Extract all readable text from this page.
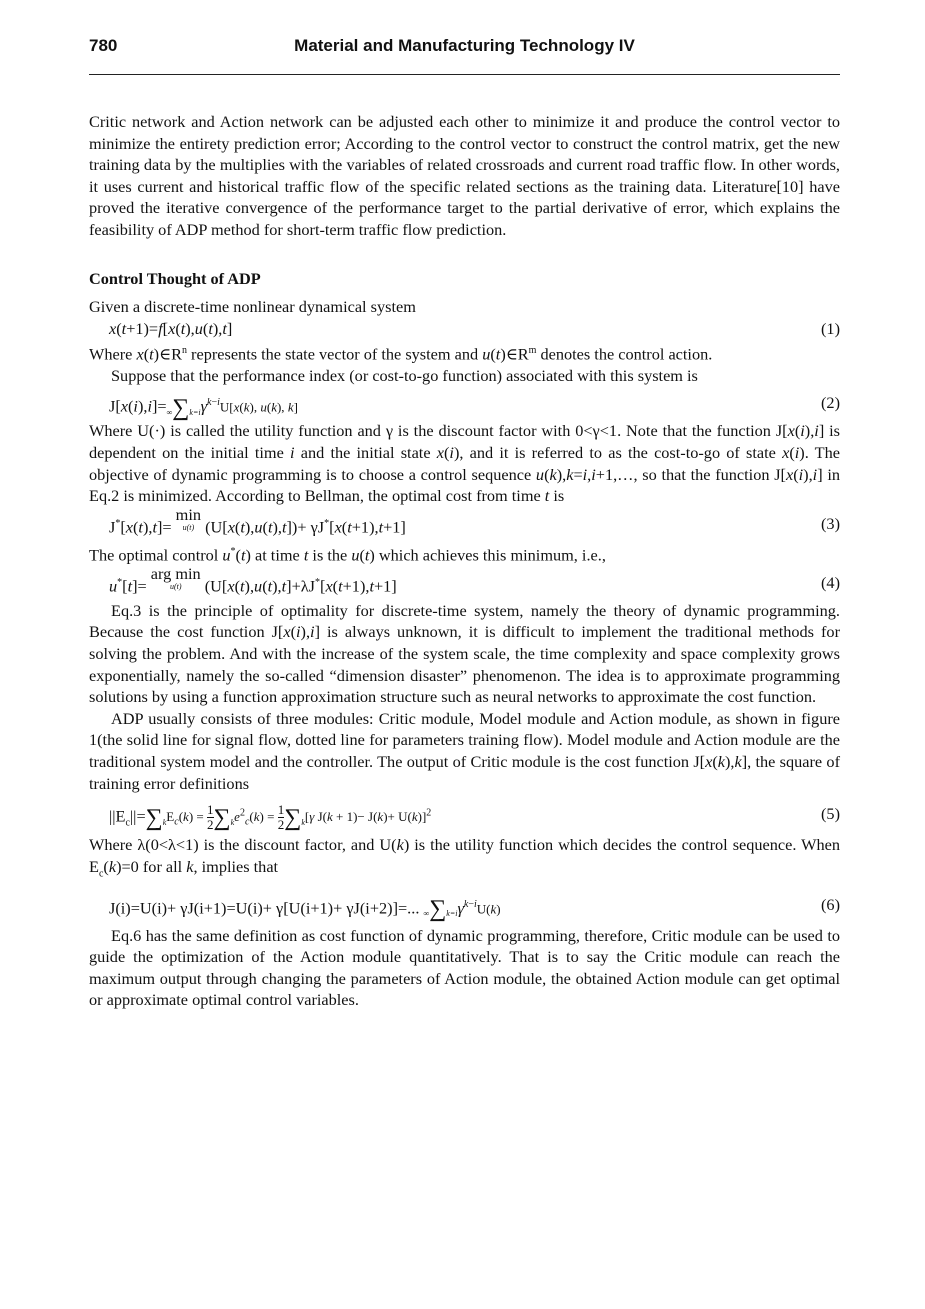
780	Material and Manufacturing Technology IV

Critic network and Action network can be adjusted each other to minimize it and produce the control vector to minimize the entirety prediction error; According to the control vector to construct the control matrix, get the new training data by the multiplies with the variables of related crossroads and current road traffic flow. In other words, it uses current and historical traffic flow of the specific related sections as the training data. Literature[10] have proved the iterative convergence of the performance target to the partial derivative of error, which explains the feasibility of ADP method for short-term traffic flow prediction.

Control Thought of ADP

Given a discrete-time nonlinear dynamical system

x(t+1)=f[x(t),u(t),t]	(1)

Where $x(t)\in R^n$ represents the state vector of the system and $u(t)\in R^m$ denotes the control action.

Suppose that the performance index (or cost-to-go function) associated with this system is

$J[x(i),i]=\infty\sum k=i\gamma^{k-i}U[x(k)$, u(k), k]	(2)

Where U(·) is called the utility function and γ is the discount factor with 0<γ<1. Note that the function J[x(i),i] is dependent on the initial time i and the initial state x(i), and it is referred to as the cost-to-go of state x(i). The objective of dynamic programming is to choose a control sequence u(k),k=i,i+1,…, so that the function J[x(i),i] in Eq.2 is minimized. According to Bellman, the optimal cost from time t is

J*[x(t),t]= min
u(t) (U[x(t),u(t),t])+ γJ*[x(t+1),t+1]	(3)

The optimal control u*(t) at time t is the u(t) which achieves this minimum, i.e.,

u*[t]= arg min
u(t)	(U[x(t),u(t),t]+λJ*[x(t+1),t+1]	(4)

Eq.3 is the principle of optimality for discrete-time system, namely the theory of dynamic programming. Because the cost function J[x(i),i] is always unknown, it is difficult to implement the traditional methods for solving the problem. And with the increase of the system scale, the time complexity and space complexity grows exponentially, namely the so-called “dimension disaster” phenomenon. The idea is to approximate programming solutions by using a function approximation structure such as neural networks to approximate the cost function.

ADP usually consists of three modules: Critic module, Model module and Action module, as shown in figure 1(the solid line for signal flow, dotted line for parameters training flow). Model module and Action module are the traditional system model and the controller. The output of Critic module is the cost function J[x(k),k], the square of training error definitions

$||E_c||=\sum kE_c(k) = \frac{1}{2} \sum ke^2_c(k) = \frac{1}{2} \sum k[\gamma$ J(k + 1)− J(k)+ U(k)]$^2$	(5)

Where λ(0<λ<1) is the discount factor, and U(k) is the utility function which decides the control sequence. When $E_c(k)=0$ for all k, implies that

J(i)=U(i)+ γJ(i+1)=U(i)+ γ[U(i+1)+ γJ(i+2)]=... $\infty\sum k=i\gamma^{k-i}U(k)$	(6)

Eq.6 has the same definition as cost function of dynamic programming, therefore, Critic module can be used to guide the optimization of the Action module quantitatively. That is to say the Critic module can reach the maximum output through changing the parameters of Action module, the obtained Action module can get optimal or approximate optimal control variables.
